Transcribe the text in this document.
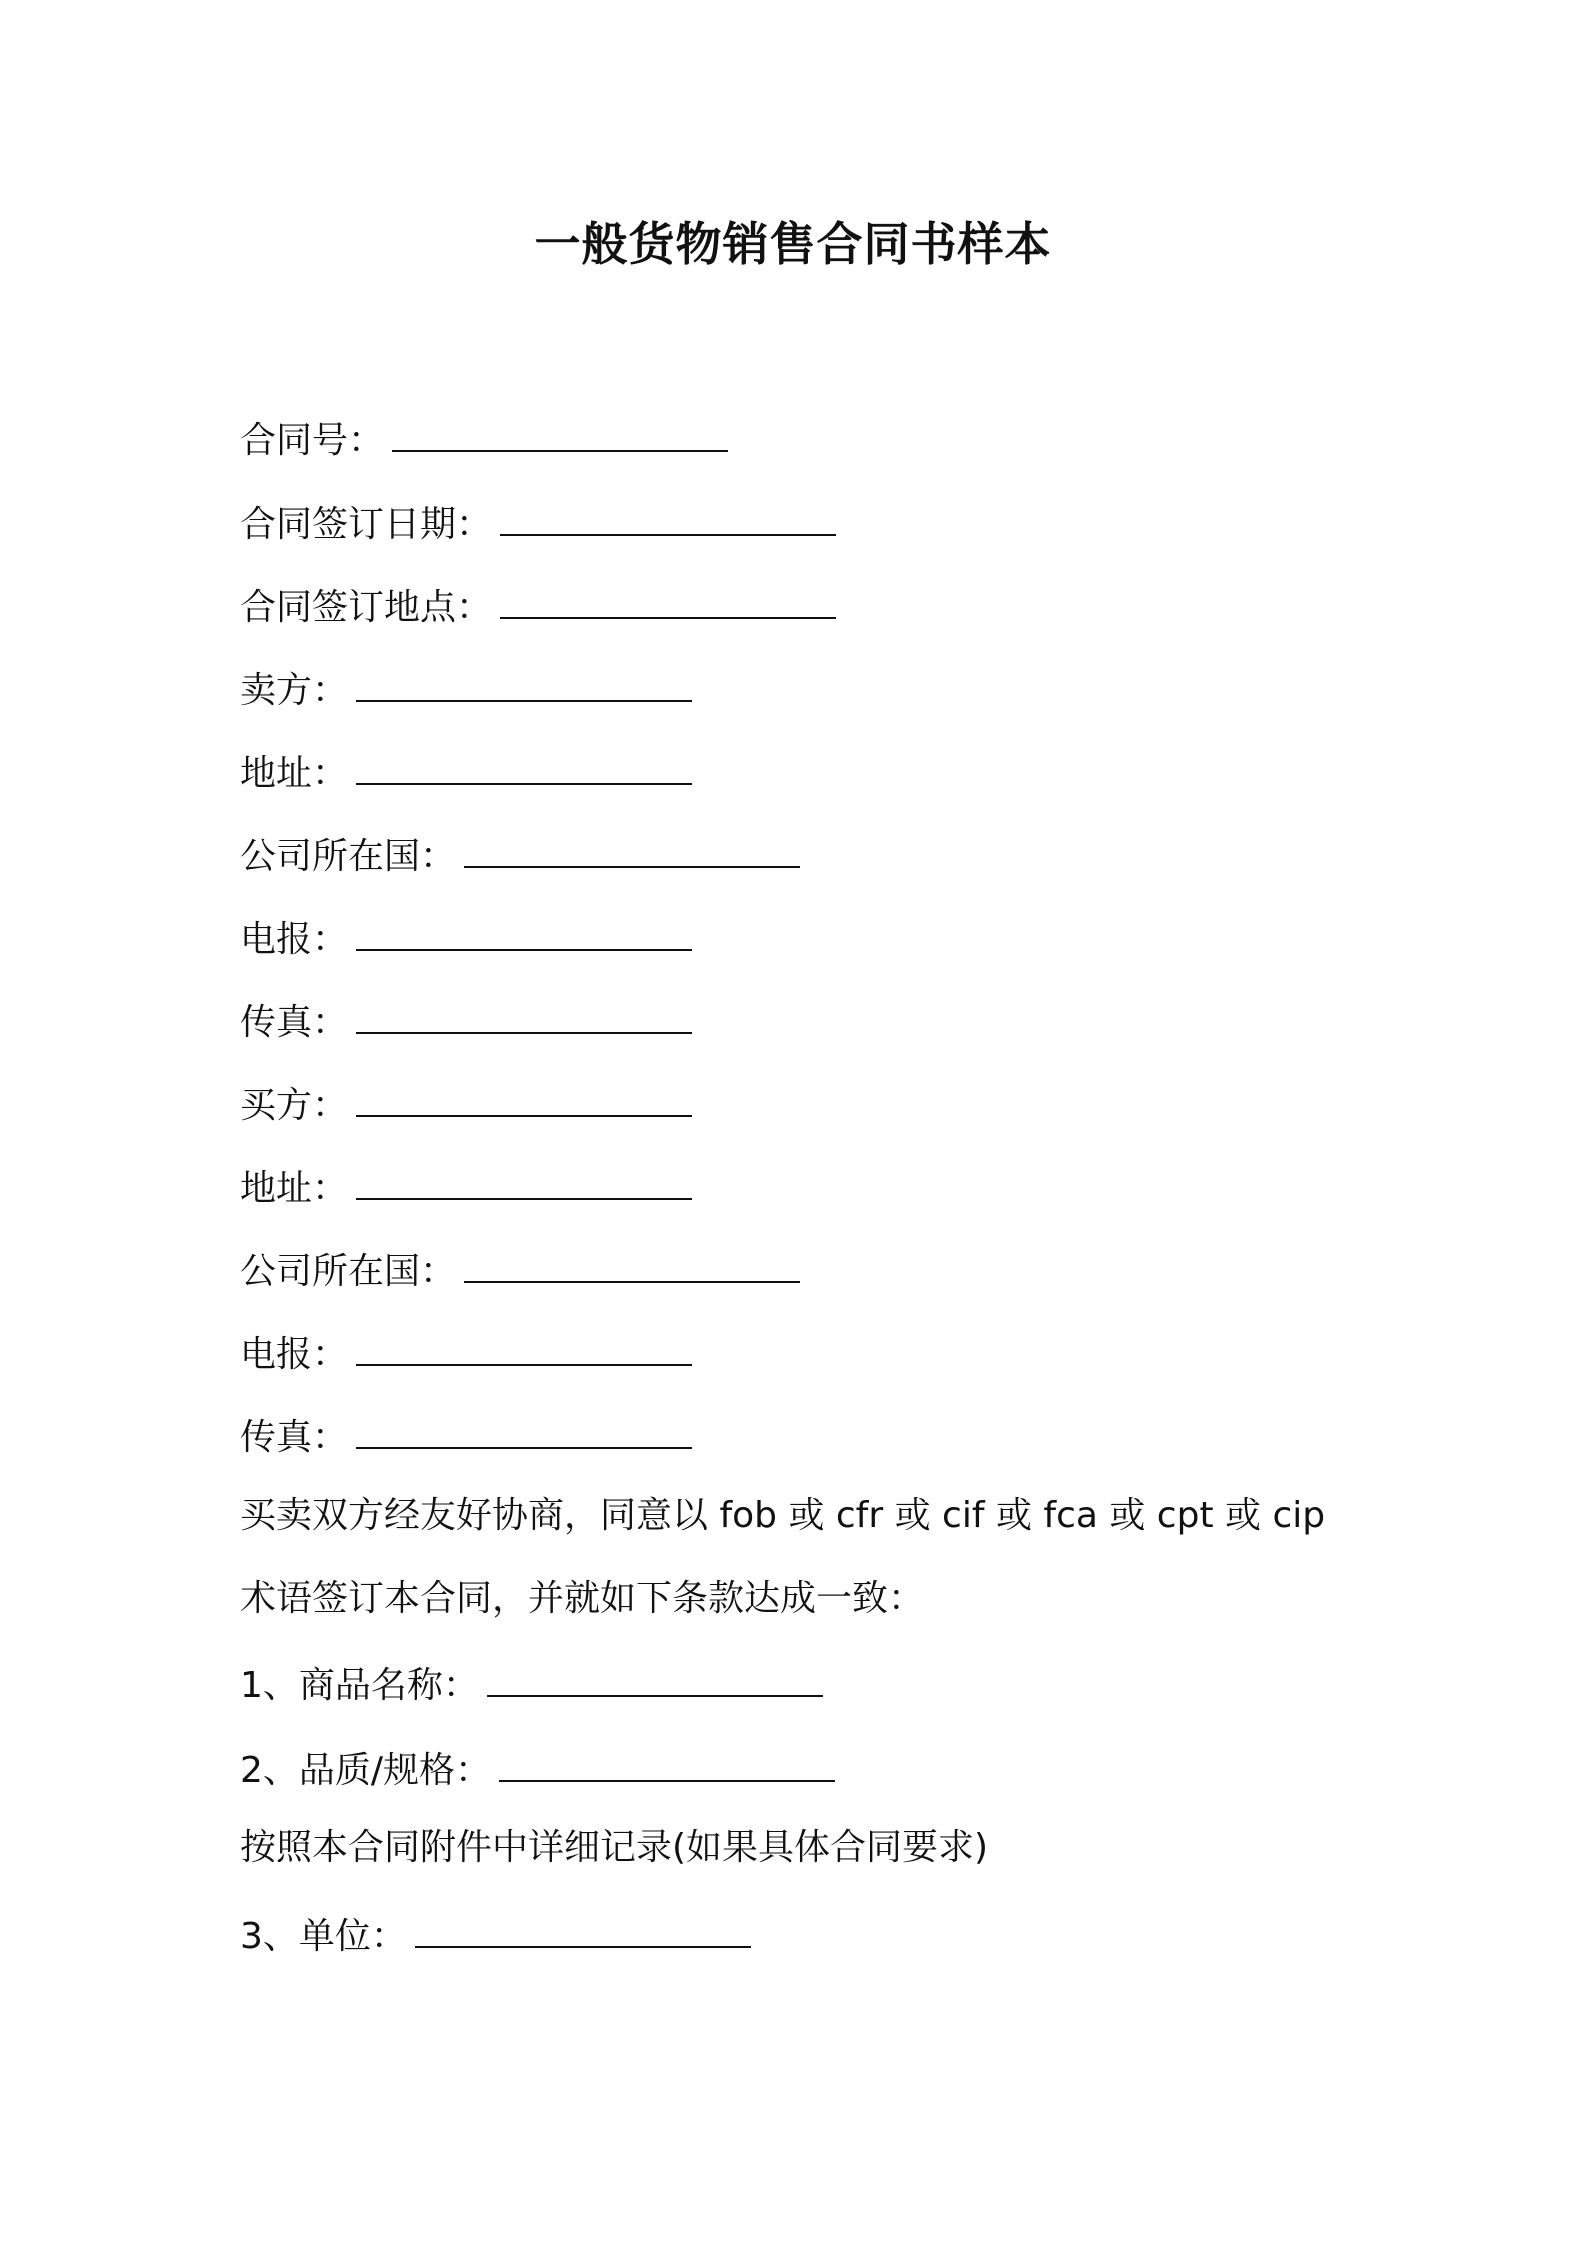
一般货物销售合同书样本
合同号：
合同签订日期：
合同签订地点：
卖方：
地址：
公司所在国：
电报：
传真：
买方：
地址：
公司所在国：
电报：
传真：
买卖双方经友好协商，同意以 fob 或 cfr 或 cif 或 fca 或 cpt 或 cip
术语签订本合同，并就如下条款达成一致：
1、商品名称：
2、品质/规格：
按照本合同附件中详细记录(如果具体合同要求)
3、单位：
